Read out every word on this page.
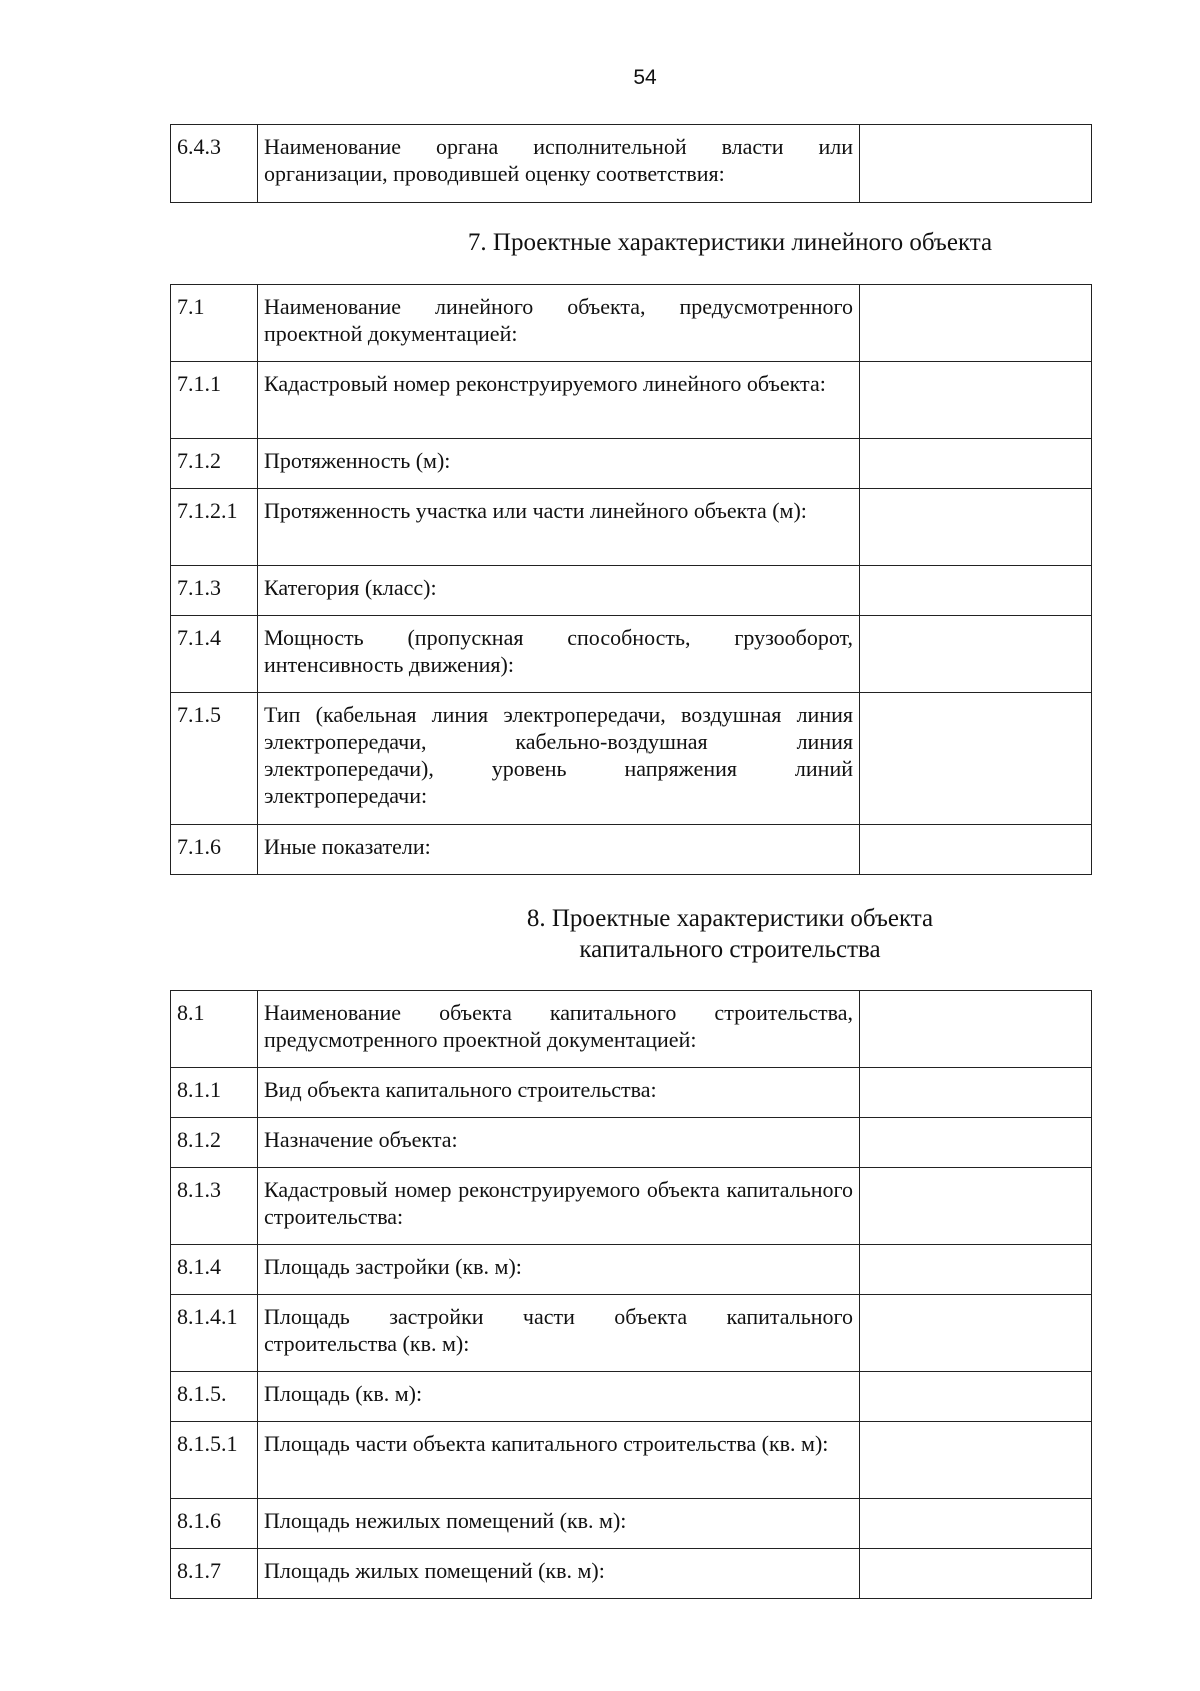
54
6.4.3	Наименование органа исполнительной власти или организации, проводившей оценку соответствия:	
7. Проектные характеристики линейного объекта
7.1	Наименование линейного объекта, предусмотренного проектной документацией:	
7.1.1	Кадастровый номер реконструируемого линейного объекта:	
7.1.2	Протяженность (м):	
7.1.2.1	Протяженность участка или части линейного объекта (м):	
7.1.3	Категория (класс):	
7.1.4	Мощность (пропускная способность, грузооборот, интенсивность движения):	
7.1.5	Тип (кабельная линия электропередачи, воздушная линия электропередачи, кабельно-воздушная линия электропередачи), уровень напряжения линий электропередачи:	
7.1.6	Иные показатели:	
8. Проектные характеристики объекта
капитального строительства
8.1	Наименование объекта капитального строительства, предусмотренного проектной документацией:	
8.1.1	Вид объекта капитального строительства:	
8.1.2	Назначение объекта:	
8.1.3	Кадастровый номер реконструируемого объекта капитального строительства:	
8.1.4	Площадь застройки (кв. м):	
8.1.4.1	Площадь застройки части объекта капитального строительства (кв. м):	
8.1.5.	Площадь (кв. м):	
8.1.5.1	Площадь части объекта капитального строительства (кв. м):	
8.1.6	Площадь нежилых помещений (кв. м):	
8.1.7	Площадь жилых помещений (кв. м):	
